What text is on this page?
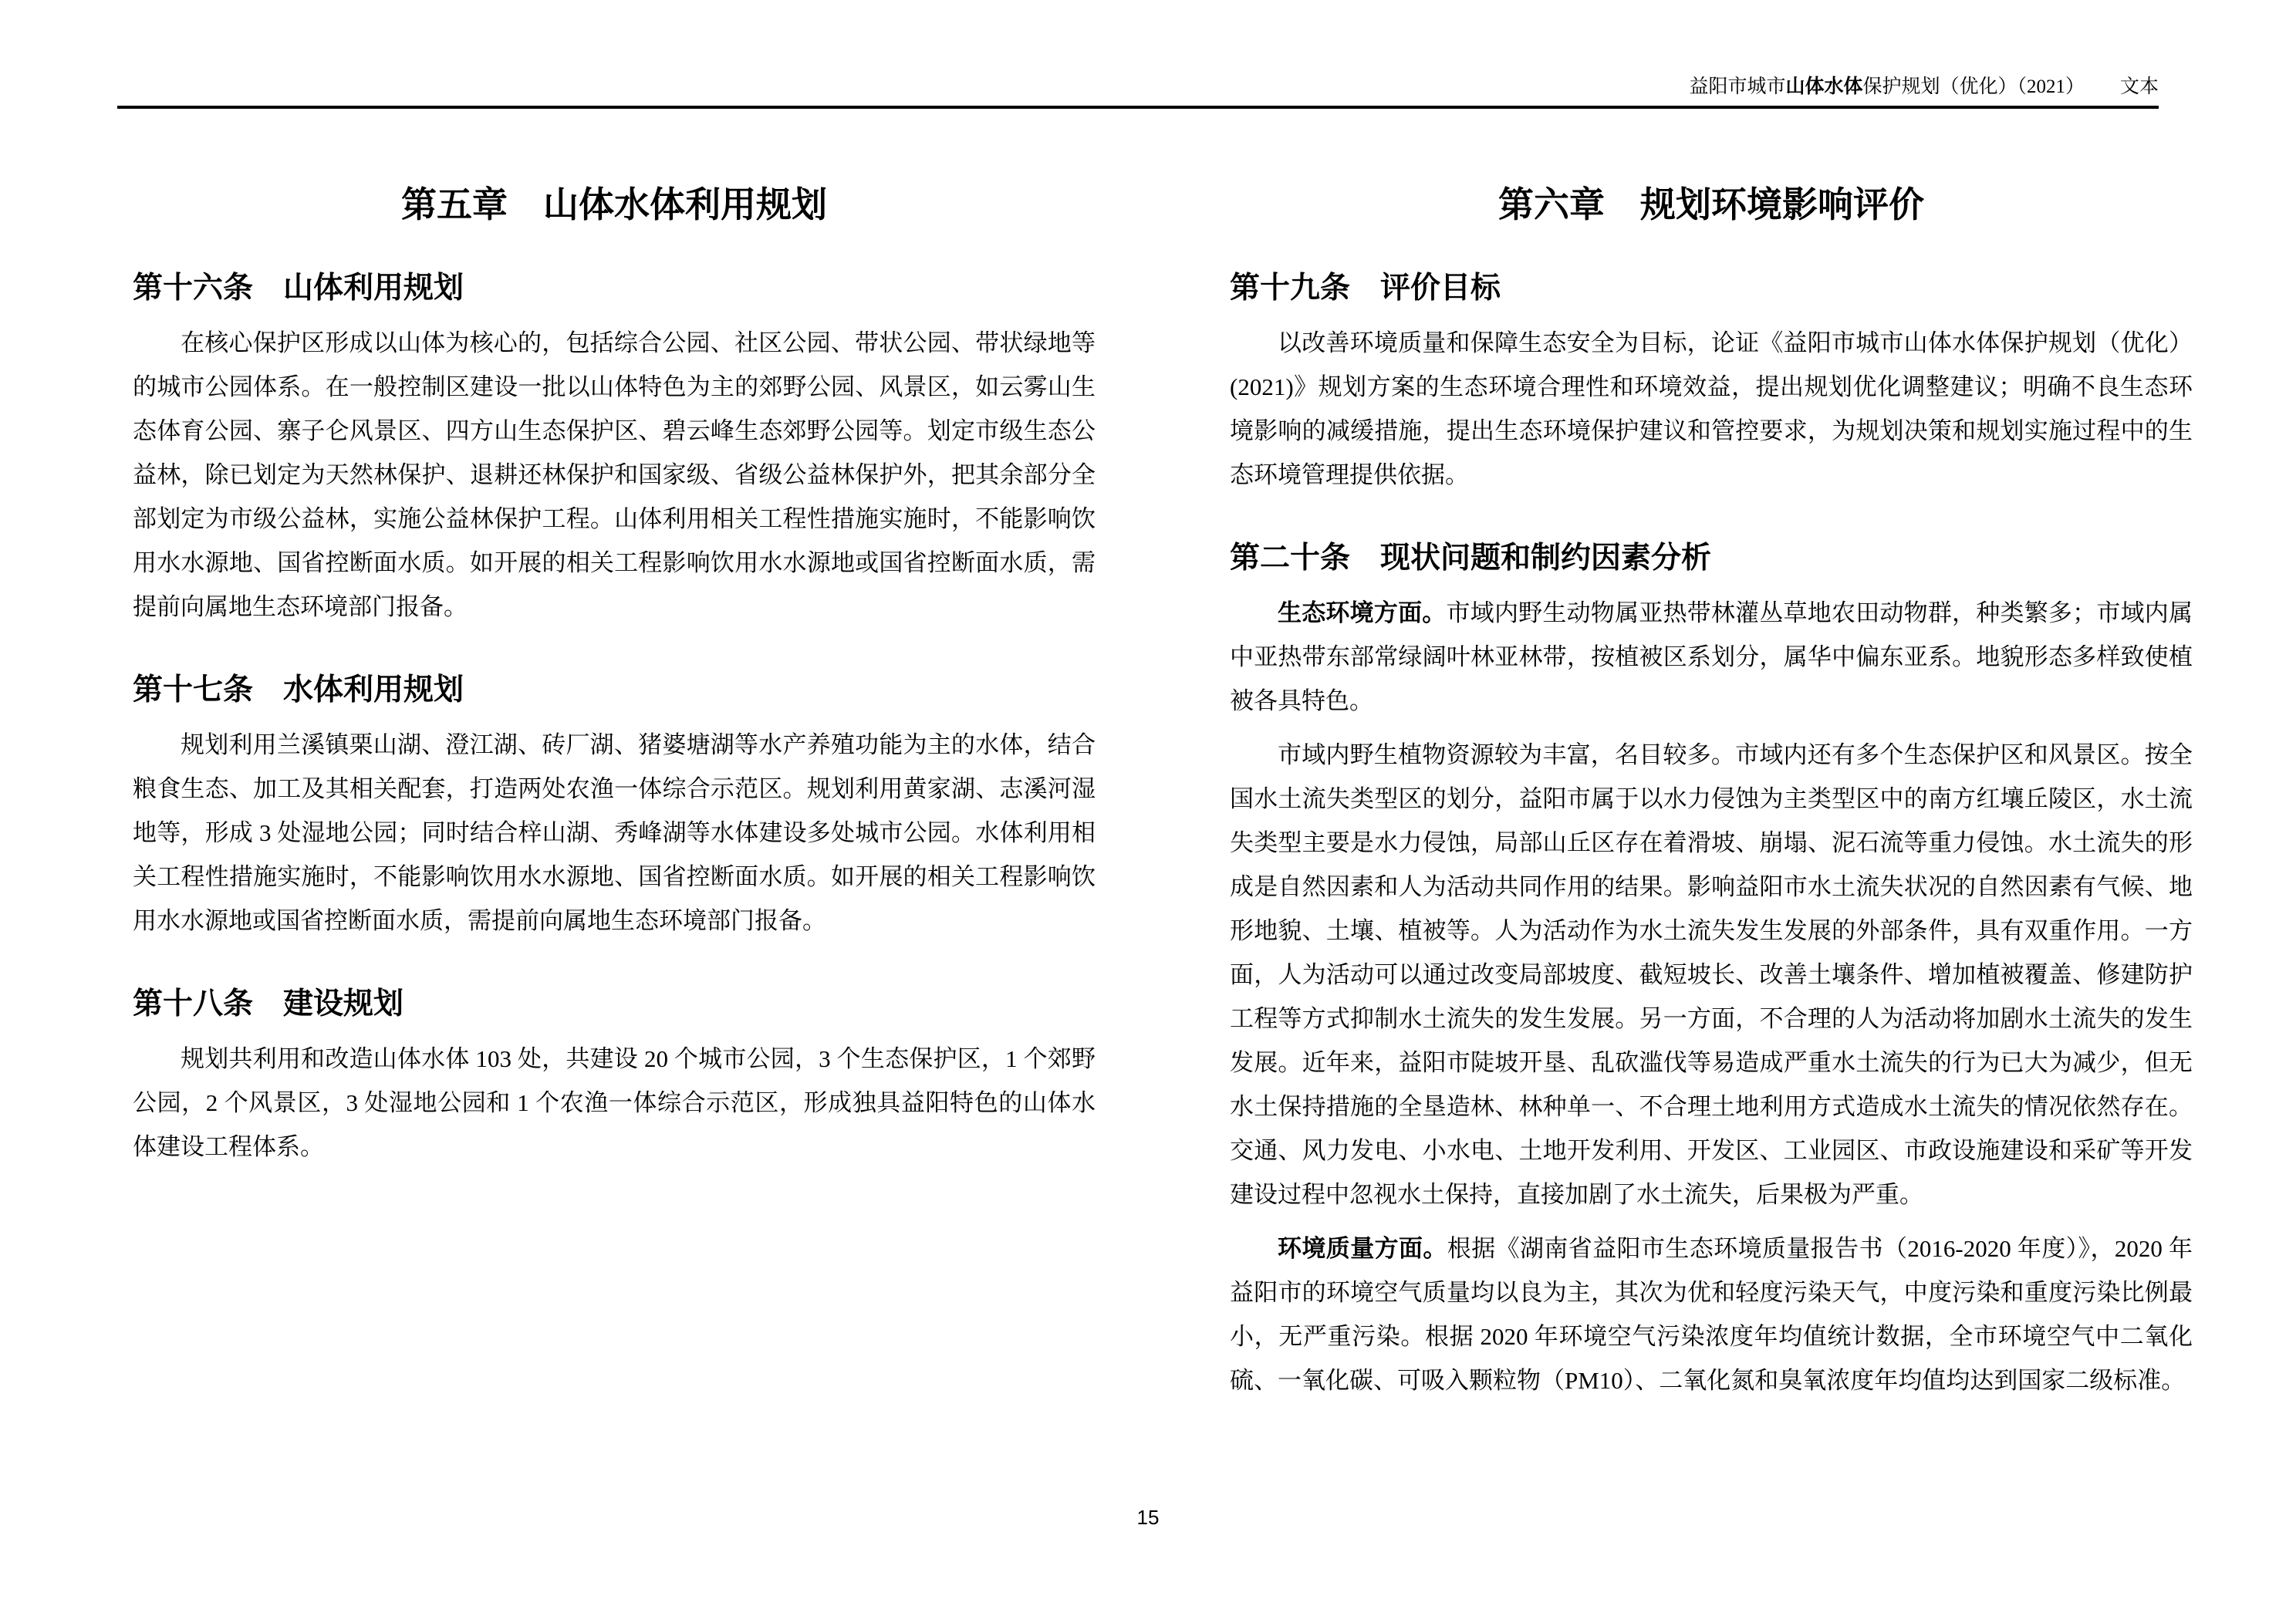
益阳市城市山体水体保护规划（优化）（2021） 文本
第五章　山体水体利用规划
第十六条　山体利用规划

在核心保护区形成以山体为核心的，包括综合公园、社区公园、带状公园、带状绿地等的城市公园体系。在一般控制区建设一批以山体特色为主的郊野公园、风景区，如云雾山生态体育公园、寨子仑风景区、四方山生态保护区、碧云峰生态郊野公园等。划定市级生态公益林，除已划定为天然林保护、退耕还林保护和国家级、省级公益林保护外，把其余部分全部划定为市级公益林，实施公益林保护工程。山体利用相关工程性措施实施时，不能影响饮用水水源地、国省控断面水质。如开展的相关工程影响饮用水水源地或国省控断面水质，需提前向属地生态环境部门报备。

第十七条　水体利用规划

规划利用兰溪镇栗山湖、澄江湖、砖厂湖、猪婆塘湖等水产养殖功能为主的水体，结合粮食生态、加工及其相关配套，打造两处农渔一体综合示范区。规划利用黄家湖、志溪河湿地等，形成 3 处湿地公园；同时结合梓山湖、秀峰湖等水体建设多处城市公园。水体利用相关工程性措施实施时，不能影响饮用水水源地、国省控断面水质。如开展的相关工程影响饮用水水源地或国省控断面水质，需提前向属地生态环境部门报备。

第十八条　建设规划

规划共利用和改造山体水体 103 处，共建设 20 个城市公园，3 个生态保护区，1 个郊野公园，2 个风景区，3 处湿地公园和 1 个农渔一体综合示范区，形成独具益阳特色的山体水体建设工程体系。

第六章　规划环境影响评价
第十九条　评价目标

以改善环境质量和保障生态安全为目标，论证《益阳市城市山体水体保护规划（优化）(2021)》规划方案的生态环境合理性和环境效益，提出规划优化调整建议；明确不良生态环境影响的减缓措施，提出生态环境保护建议和管控要求，为规划决策和规划实施过程中的生态环境管理提供依据。

第二十条　现状问题和制约因素分析

生态环境方面。市域内野生动物属亚热带林灌丛草地农田动物群，种类繁多；市域内属中亚热带东部常绿阔叶林亚林带，按植被区系划分，属华中偏东亚系。地貌形态多样致使植被各具特色。

市域内野生植物资源较为丰富，名目较多。市域内还有多个生态保护区和风景区。按全国水土流失类型区的划分，益阳市属于以水力侵蚀为主类型区中的南方红壤丘陵区，水土流失类型主要是水力侵蚀，局部山丘区存在着滑坡、崩塌、泥石流等重力侵蚀。水土流失的形成是自然因素和人为活动共同作用的结果。影响益阳市水土流失状况的自然因素有气候、地形地貌、土壤、植被等。人为活动作为水土流失发生发展的外部条件，具有双重作用。一方面，人为活动可以通过改变局部坡度、截短坡长、改善土壤条件、增加植被覆盖、修建防护工程等方式抑制水土流失的发生发展。另一方面，不合理的人为活动将加剧水土流失的发生发展。近年来，益阳市陡坡开垦、乱砍滥伐等易造成严重水土流失的行为已大为减少，但无水土保持措施的全垦造林、林种单一、不合理土地利用方式造成水土流失的情况依然存在。交通、风力发电、小水电、土地开发利用、开发区、工业园区、市政设施建设和采矿等开发建设过程中忽视水土保持，直接加剧了水土流失，后果极为严重。

环境质量方面。根据《湖南省益阳市生态环境质量报告书（2016-2020 年度）》，2020 年益阳市的环境空气质量均以良为主，其次为优和轻度污染天气，中度污染和重度污染比例最小，无严重污染。根据 2020 年环境空气污染浓度年均值统计数据，全市环境空气中二氧化硫、一氧化碳、可吸入颗粒物（PM10）、二氧化氮和臭氧浓度年均值均达到国家二级标准。

15
